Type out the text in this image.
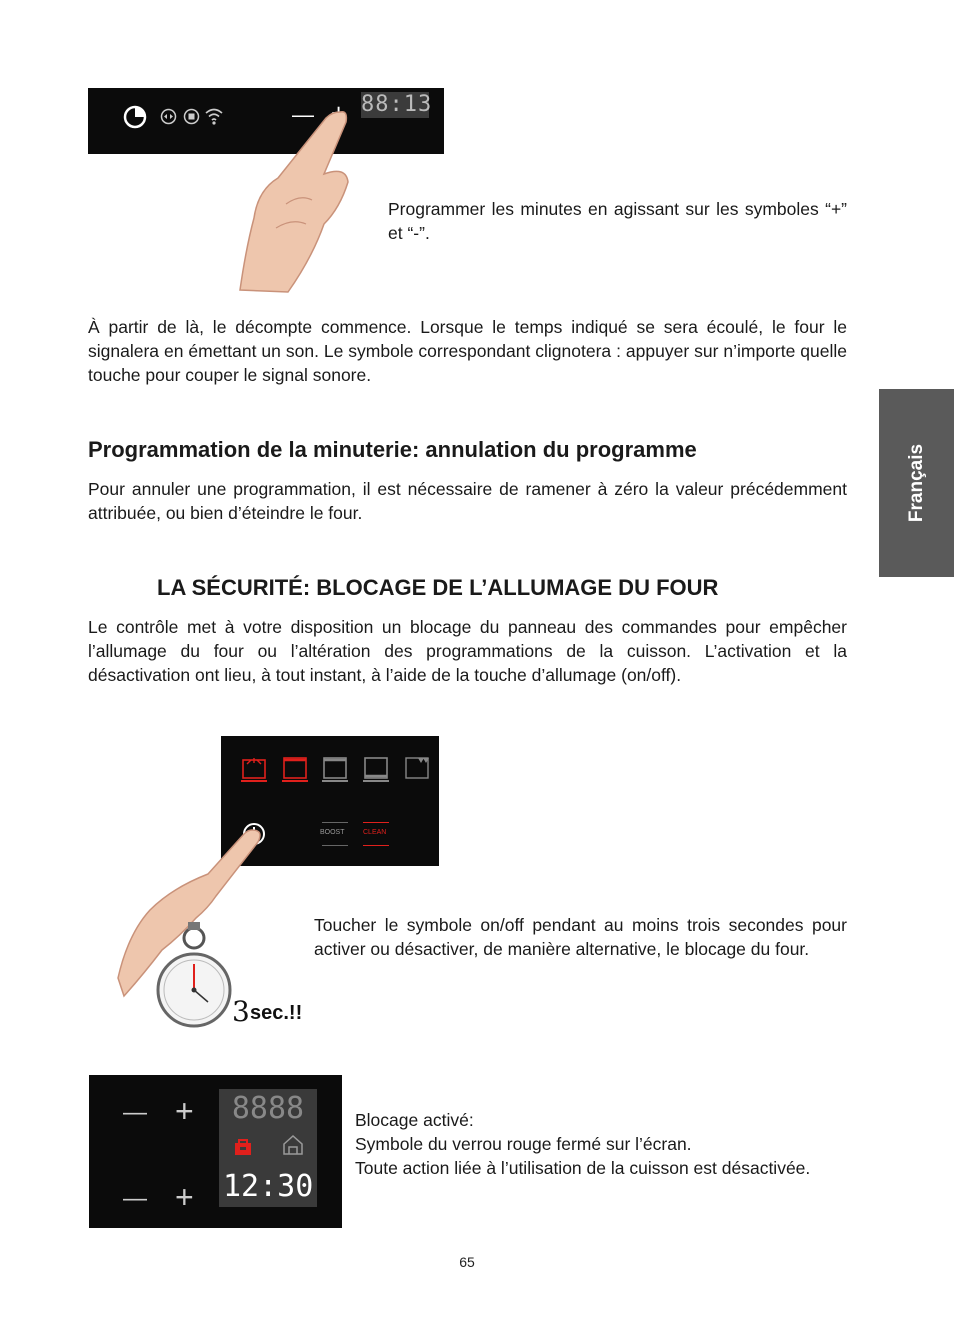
— 88:13
Programmer les minutes en agissant sur les symboles “+” et “-”.
À partir de là, le décompte commence. Lorsque le temps indiqué se sera écoulé, le four le signalera en émettant un son. Le symbole correspondant clignotera : appuyer sur n’importe quelle touche pour couper le signal sonore.
Programmation de la minuterie: annulation du programme
Pour annuler une programmation, il est nécessaire de ramener à zéro la valeur précédemment attribuée, ou bien d’éteindre le four.
LA SÉCURITÉ: BLOCAGE DE L’ALLUMAGE DU FOUR
Le contrôle met à votre disposition un blocage du panneau des commandes pour empêcher l’allumage du four ou l’altération des programmations de la cuisson. L’activation et la désactivation ont lieu, à tout instant, à l’aide de la touche d’allumage (on/off).
BOOST	CLEAN
3 sec.!!
Toucher le symbole on/off pendant au moins trois secondes pour activer ou désactiver, de manière alternative, le blocage du four.
— +
— +
8888
12:30
Blocage activé:
Symbole du verrou rouge fermé sur l’écran.
Toute action liée à l’utilisation de la cuisson est désactivée.
Français
65
